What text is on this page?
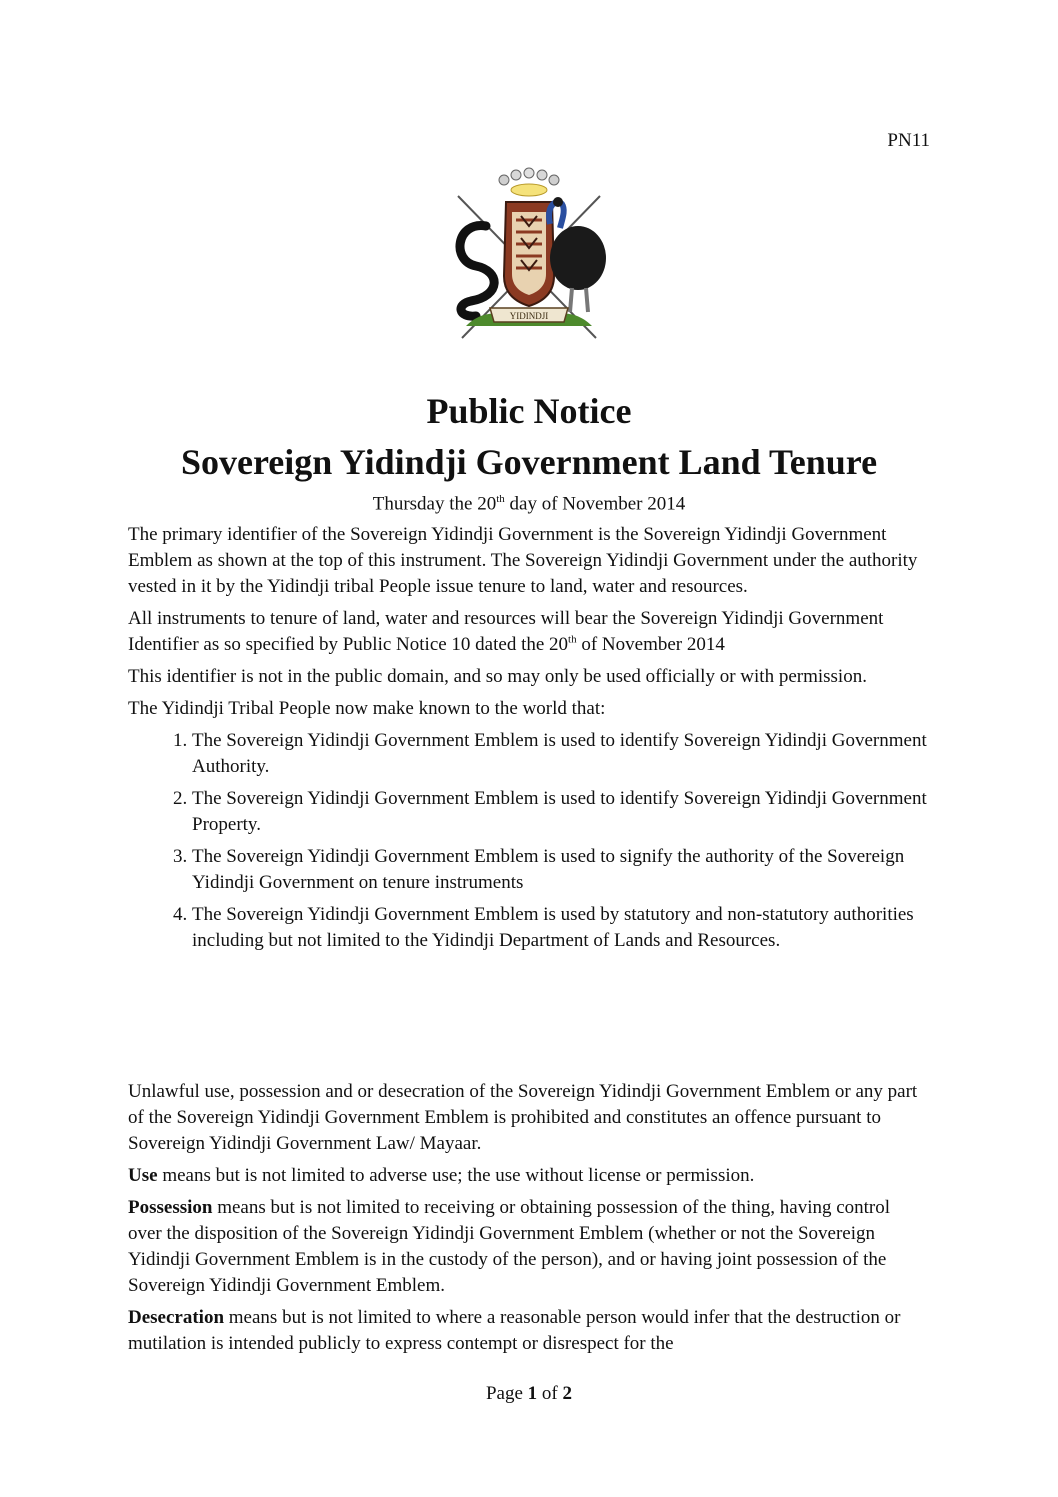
PN11
YIDINDJI
Public Notice
Sovereign Yidindji Government Land Tenure
Thursday the 20th day of November 2014

The primary identifier of the Sovereign Yidindji Government is the Sovereign Yidindji Government Emblem as shown at the top of this instrument. The Sovereign Yidindji Government under the authority vested in it by the Yidindji tribal People issue tenure to land, water and resources.

All instruments to tenure of land, water and resources will bear the Sovereign Yidindji Government Identifier as so specified by Public Notice 10 dated the 20th of November 2014

This identifier is not in the public domain, and so may only be used officially or with permission.

The Yidindji Tribal People now make known to the world that:

1. The Sovereign Yidindji Government Emblem is used to identify Sovereign Yidindji Government Authority.
2. The Sovereign Yidindji Government Emblem is used to identify Sovereign Yidindji Government Property.
3. The Sovereign Yidindji Government Emblem is used to signify the authority of the Sovereign Yidindji Government on tenure instruments
4. The Sovereign Yidindji Government Emblem is used by statutory and non-statutory authorities including but not limited to the Yidindji Department of Lands and Resources.

Unlawful use, possession and or desecration of the Sovereign Yidindji Government Emblem or any part of the Sovereign Yidindji Government Emblem is prohibited and constitutes an offence pursuant to Sovereign Yidindji Government Law/ Mayaar.

Use means but is not limited to adverse use; the use without license or permission.

Possession means but is not limited to receiving or obtaining possession of the thing, having control over the disposition of the Sovereign Yidindji Government Emblem (whether or not the Sovereign Yidindji Government Emblem is in the custody of the person), and or having joint possession of the Sovereign Yidindji Government Emblem.

Desecration means but is not limited to where a reasonable person would infer that the destruction or mutilation is intended publicly to express contempt or disrespect for the

Page 1 of 2
